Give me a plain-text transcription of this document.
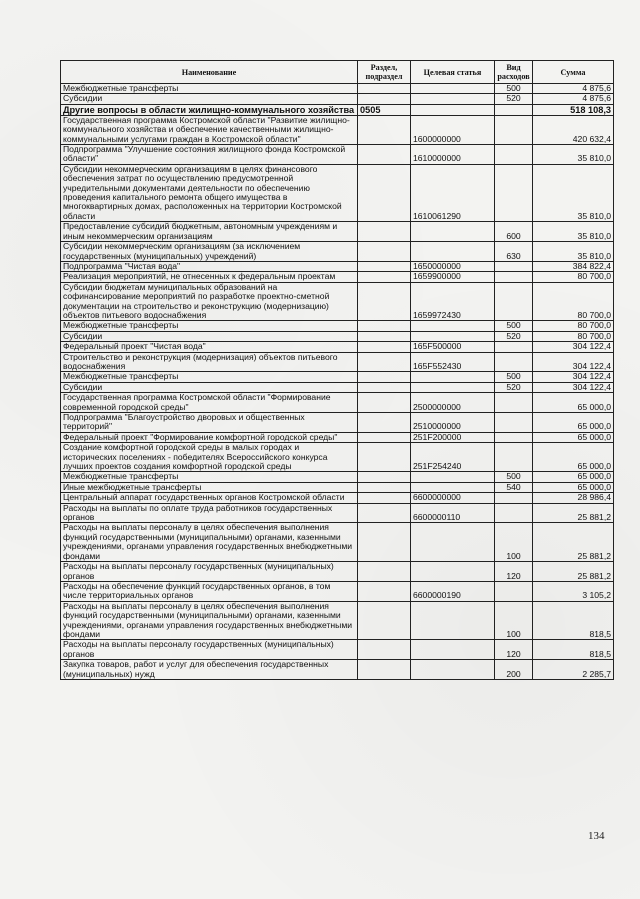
Наименование	Раздел, подраздел	Целевая статья	Вид расходов	Сумма
Межбюджетные трансферты			500	4 875,6
Субсидии			520	4 875,6
Другие вопросы в области жилищно-коммунального хозяйства	0505			518 108,3
Государственная программа Костромской области "Развитие жилищно-коммунального хозяйства и обеспечение качественными жилищно-коммунальными услугами граждан в Костромской области"		1600000000		420 632,4
Подпрограмма "Улучшение состояния жилищного фонда Костромской области"		1610000000		35 810,0
Субсидии некоммерческим организациям в целях финансового обеспечения затрат по осуществлению предусмотренной учредительными документами деятельности по обеспечению проведения капитального ремонта общего имущества в многоквартирных домах, расположенных на территории Костромской области		1610061290		35 810,0
Предоставление субсидий бюджетным, автономным учреждениям и иным некоммерческим организациям			600	35 810,0
Субсидии некоммерческим организациям (за исключением государственных (муниципальных) учреждений)			630	35 810,0
Подпрограмма "Чистая вода"		1650000000		384 822,4
Реализация мероприятий, не отнесенных к федеральным проектам		1659900000		80 700,0
Субсидии бюджетам муниципальных образований на софинансирование мероприятий по разработке проектно-сметной документации на строительство и реконструкцию (модернизацию) объектов питьевого водоснабжения		1659972430		80 700,0
Межбюджетные трансферты			500	80 700,0
Субсидии			520	80 700,0
Федеральный проект "Чистая вода"		165F500000		304 122,4
Строительство и реконструкция (модернизация) объектов питьевого водоснабжения		165F552430		304 122,4
Межбюджетные трансферты			500	304 122,4
Субсидии			520	304 122,4
Государственная программа Костромской области "Формирование современной городской среды"		2500000000		65 000,0
Подпрограмма "Благоустройство дворовых и общественных территорий"		2510000000		65 000,0
Федеральный проект "Формирование комфортной городской среды"		251F200000		65 000,0
Создание комфортной городской среды в малых городах и исторических поселениях - победителях Всероссийского конкурса лучших проектов создания комфортной городской среды		251F254240		65 000,0
Межбюджетные трансферты			500	65 000,0
Иные межбюджетные трансферты			540	65 000,0
Центральный аппарат государственных органов Костромской области		6600000000		28 986,4
Расходы на выплаты по оплате труда работников государственных органов		6600000110		25 881,2
Расходы на выплаты персоналу в целях обеспечения выполнения функций государственными (муниципальными) органами, казенными учреждениями, органами управления государственных внебюджетными фондами			100	25 881,2
Расходы на выплаты персоналу государственных (муниципальных) органов			120	25 881,2
Расходы на обеспечение функций государственных органов, в том числе территориальных органов		6600000190		3 105,2
Расходы на выплаты персоналу в целях обеспечения выполнения функций государственными (муниципальными) органами, казенными учреждениями, органами управления государственных внебюджетными фондами			100	818,5
Расходы на выплаты персоналу государственных (муниципальных) органов			120	818,5
Закупка товаров, работ и услуг для обеспечения государственных (муниципальных) нужд			200	2 285,7
134
